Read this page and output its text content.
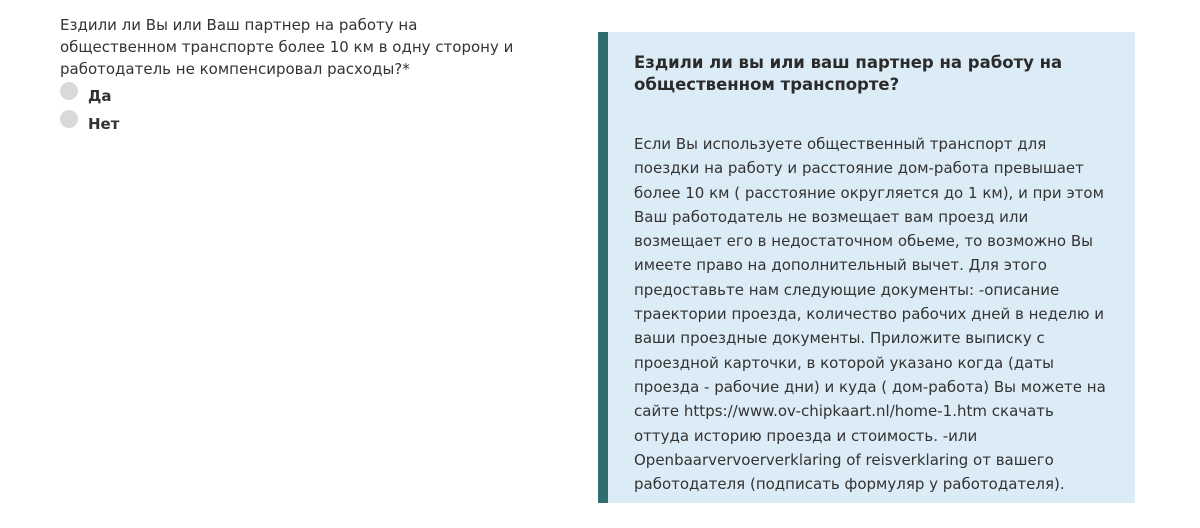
Ездили ли Вы или Ваш партнер на работу на общественном транспорте более 10 км в одну сторону и работодатель не компенсировал расходы?*

Да
Нет

Ездили ли вы или ваш партнер на работу на общественном транспорте?

Если Вы используете общественный транспорт для поездки на работу и расстояние дом-работа превышает более 10 км ( расстояние округляется до 1 км), и при этом Ваш работодатель не возмещает вам проезд или возмещает его в недостаточном обьеме, то возможно Вы имеете право на дополнительный вычет. Для этого предоставьте нам следующие документы: -описание траектории проезда, количество рабочих дней в неделю и ваши проездные документы. Приложите выписку с проездной карточки, в которой указано когда (даты проезда - рабочие дни) и куда ( дом-работа) Вы можете на сайте https://www.ov-chipkaart.nl/home-1.htm скачать оттуда историю проезда и стоимость. -или Openbaarvervoerverklaring of reisverklaring от вашего работодателя (подписать формуляр у работодателя).
